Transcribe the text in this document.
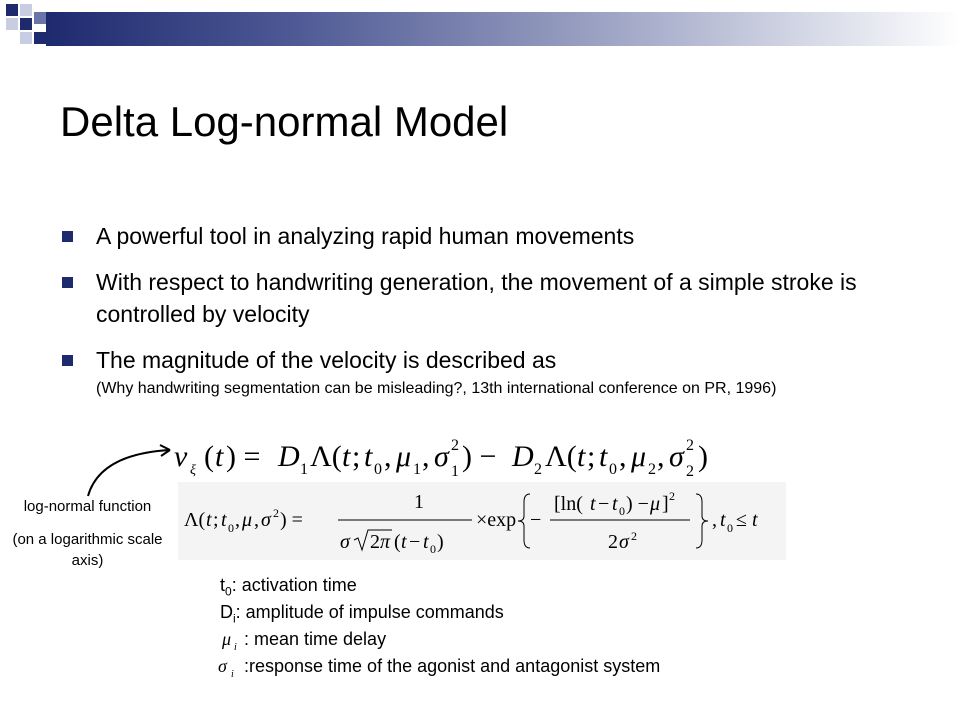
Delta Log-normal Model
A powerful tool in analyzing rapid human movements
With respect to handwriting generation, the movement of a simple stroke is controlled by velocity
The magnitude of the velocity is described as
(Why handwriting segmentation can be misleading?, 13th international conference on PR, 1996)
v ξ ( t ) = D 1 Λ( t ; t 0 , μ 1 , σ 1
2 ) − D 2 Λ( t ; t 0 , μ 2 , σ 2
2 )
Λ( t ; t 0 , μ , σ 2 ) =
1
σ 2 π ( t − t 0 )
×exp −
[ln( t − t 0 ) − μ ] 2
2 σ 2
, t 0 ≤ t
log-normal function
(on a logarithmic scale axis)
$t_0$: activation time
$D_i$: amplitude of impulse commands
μ i : mean time delay
σ i :response time of the agonist and antagonist system
